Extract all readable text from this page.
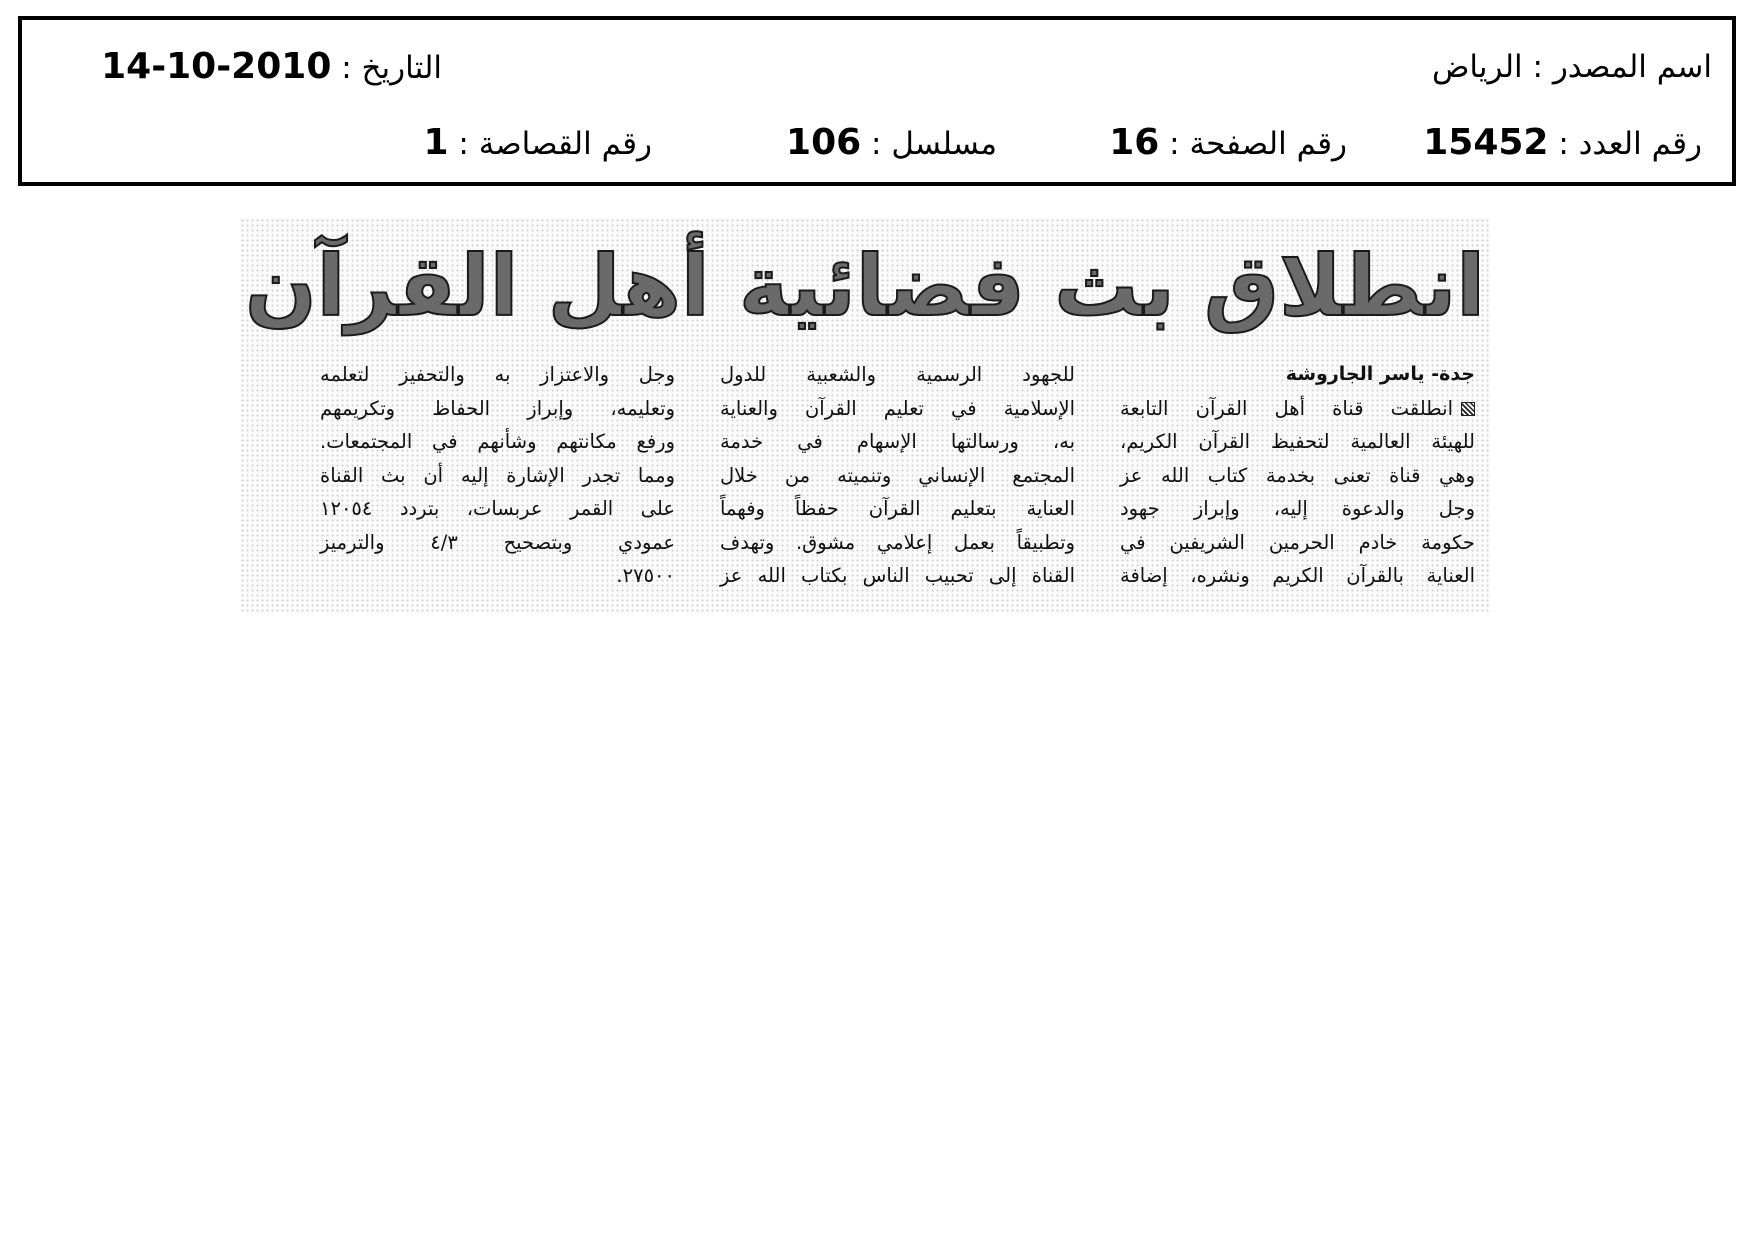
اسم المصدر : الرياض
التاريخ : 14-10-2010
رقم العدد : 15452
رقم الصفحة : 16
مسلسل : 106
رقم القصاصة : 1
انطلاق بث فضائية أهل القرآن
جدة- ياسر الجاروشة
انطلقت قناة أهل القرآن التابعة
للهيئة العالمية لتحفيظ القرآن الكريم،
وهي قناة تعنى بخدمة كتاب الله عز
وجل والدعوة إليه، وإبراز جهود
حكومة خادم الحرمين الشريفين في
العناية بالقرآن الكريم ونشره، إضافة
للجهود الرسمية والشعبية للدول
الإسلامية في تعليم القرآن والعناية
به، ورسالتها الإسهام في خدمة
المجتمع الإنساني وتنميته من خلال
العناية بتعليم القرآن حفظاً وفهماً
وتطبيقاً بعمل إعلامي مشوق. وتهدف
القناة إلى تحبيب الناس بكتاب الله عز
وجل والاعتزاز به والتحفيز لتعلمه
وتعليمه، وإبراز الحفاظ وتكريمهم
ورفع مكانتهم وشأنهم في المجتمعات.
ومما تجدر الإشارة إليه أن بث القناة
على القمر عربسات، بتردد ١٢٠٥٤
عمودي وبتصحيح ٤/٣ والترميز
٢٧٥٠٠.
